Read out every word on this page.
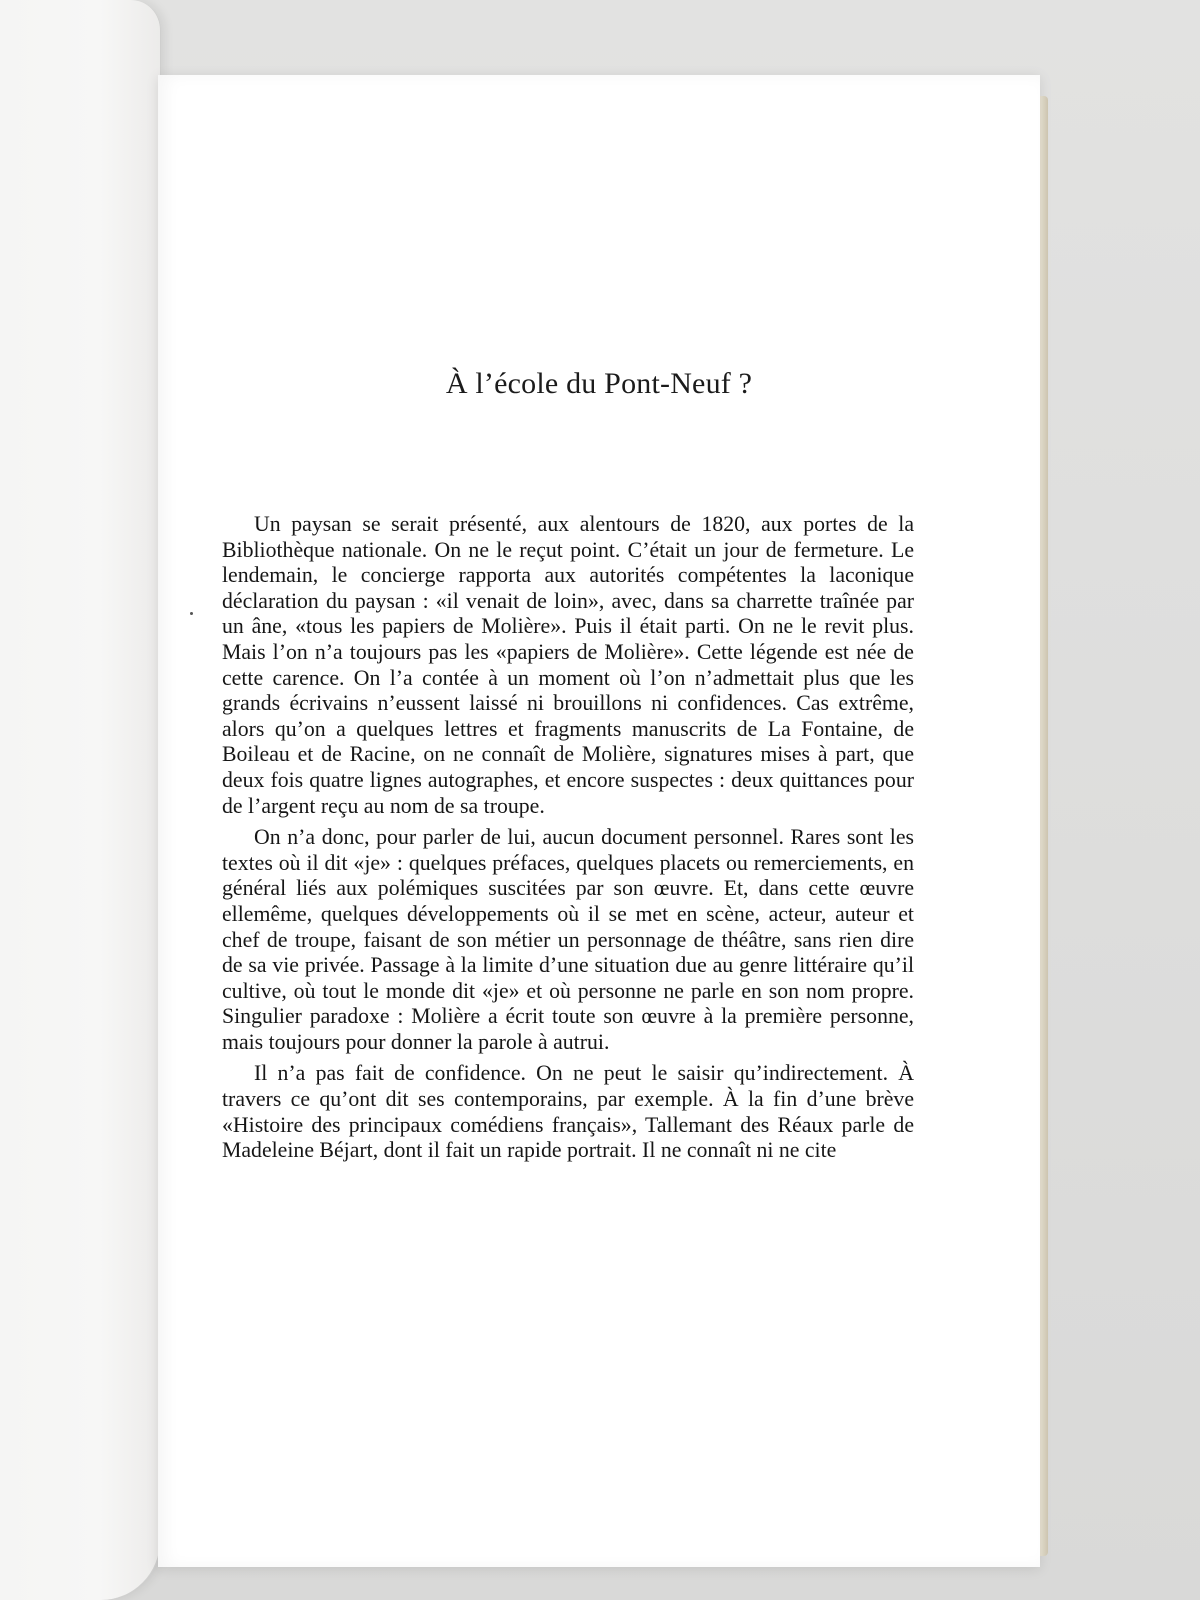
À l’école du Pont-Neuf ?

Un paysan se serait présenté, aux alentours de 1820, aux portes de la Bibliothèque nationale. On ne le reçut point. C’était un jour de fermeture. Le lendemain, le concierge rapporta aux autorités compétentes la laconique déclaration du paysan : «il venait de loin», avec, dans sa charrette traînée par un âne, «tous les papiers de Molière». Puis il était parti. On ne le revit plus. Mais l’on n’a toujours pas les «papiers de Molière». Cette légende est née de cette carence. On l’a contée à un moment où l’on n’admettait plus que les grands écrivains n’eussent laissé ni brouillons ni confidences. Cas extrême, alors qu’on a quelques lettres et fragments manuscrits de La Fontaine, de Boileau et de Racine, on ne connaît de Molière, signatures mises à part, que deux fois quatre lignes autographes, et encore suspectes : deux quittances pour de l’argent reçu au nom de sa troupe.

On n’a donc, pour parler de lui, aucun document personnel. Rares sont les textes où il dit «je» : quelques préfaces, quelques placets ou remerciements, en général liés aux polémiques suscitées par son œuvre. Et, dans cette œuvre ellemême, quelques développements où il se met en scène, acteur, auteur et chef de troupe, faisant de son métier un personnage de théâtre, sans rien dire de sa vie privée. Passage à la limite d’une situation due au genre littéraire qu’il cultive, où tout le monde dit «je» et où personne ne parle en son nom propre. Singulier paradoxe : Molière a écrit toute son œuvre à la première personne, mais toujours pour donner la parole à autrui.

Il n’a pas fait de confidence. On ne peut le saisir qu’indirectement. À travers ce qu’ont dit ses contemporains, par exemple. À la fin d’une brève «Histoire des principaux comédiens français», Tallemant des Réaux parle de Madeleine Béjart, dont il fait un rapide portrait. Il ne connaît ni ne cite
